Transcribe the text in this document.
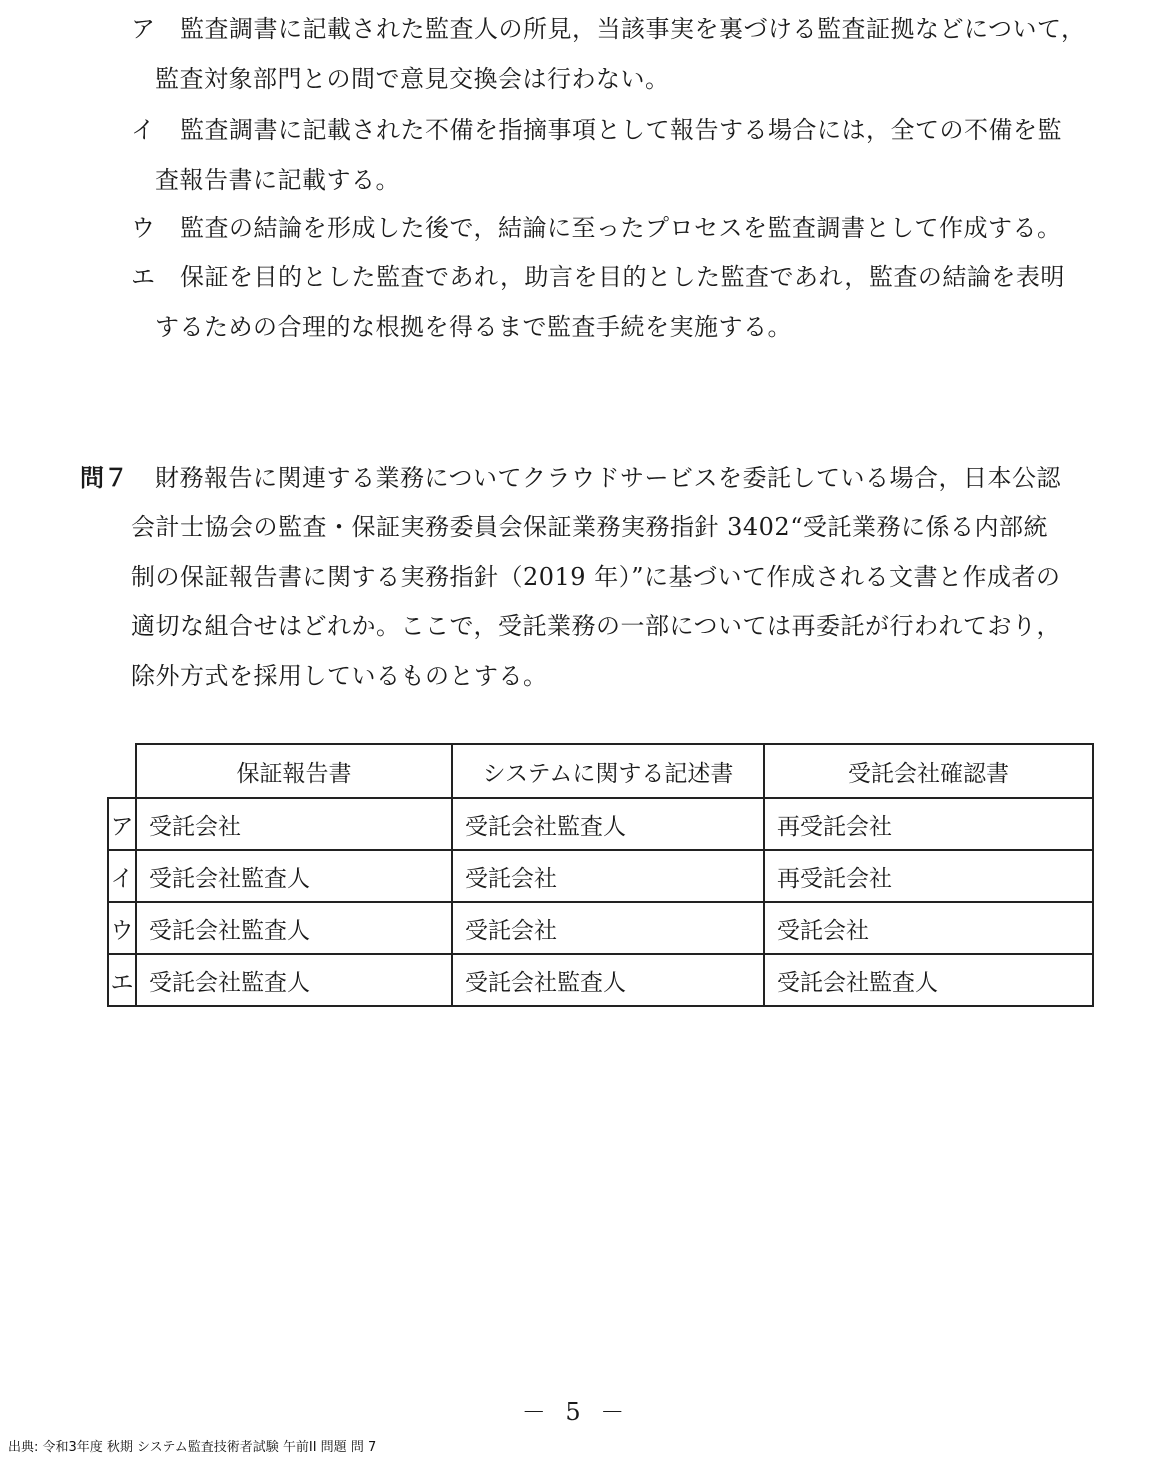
ア 監査調書に記載された監査人の所見，当該事実を裏づける監査証拠などについて，
監査対象部門との間で意見交換会は行わない。
イ 監査調書に記載された不備を指摘事項として報告する場合には，全ての不備を監
査報告書に記載する。
ウ 監査の結論を形成した後で，結論に至ったプロセスを監査調書として作成する。
エ 保証を目的とした監査であれ，助言を目的とした監査であれ，監査の結論を表明
するための合理的な根拠を得るまで監査手続を実施する。
問７ 財務報告に関連する業務についてクラウドサービスを委託している場合，日本公認
会計士協会の監査・保証実務委員会保証業務実務指針 3402“受託業務に係る内部統
制の保証報告書に関する実務指針（2019 年）”に基づいて作成される文書と作成者の
適切な組合せはどれか。ここで，受託業務の一部については再委託が行われており，
除外方式を採用しているものとする。
	保証報告書	システムに関する記述書	受託会社確認書
ア	受託会社	受託会社監査人	再受託会社
イ	受託会社監査人	受託会社	再受託会社
ウ	受託会社監査人	受託会社	受託会社
エ	受託会社監査人	受託会社監査人	受託会社監査人
－ 5 －
出典: 令和3年度 秋期 システム監査技術者試験 午前II 問題 問 7
